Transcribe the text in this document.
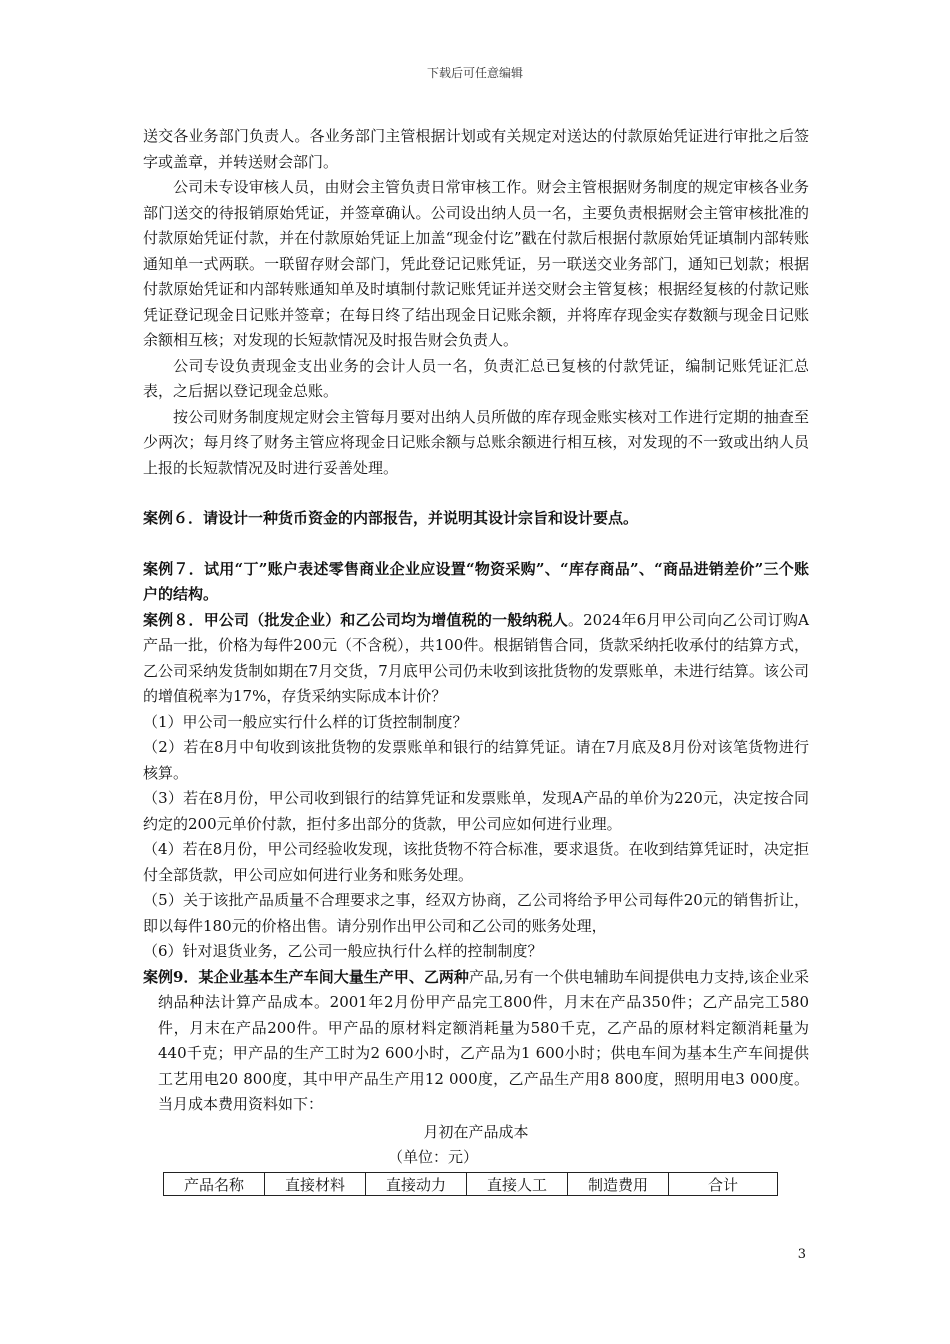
下载后可任意编辑

送交各业务部门负责人。各业务部门主管根据计划或有关规定对送达的付款原始凭证进行审批之后签字或盖章，并转送财会部门。

公司未专设审核人员，由财会主管负责日常审核工作。财会主管根据财务制度的规定审核各业务部门送交的待报销原始凭证，并签章确认。公司设出纳人员一名，主要负责根据财会主管审核批准的付款原始凭证付款，并在付款原始凭证上加盖“现金付讫”戳在付款后根据付款原始凭证填制内部转账通知单一式两联。一联留存财会部门，凭此登记记账凭证，另一联送交业务部门，通知已划款；根据付款原始凭证和内部转账通知单及时填制付款记账凭证并送交财会主管复核；根据经复核的付款记账凭证登记现金日记账并签章；在每日终了结出现金日记账余额，并将库存现金实存数额与现金日记账余额相互核；对发现的长短款情况及时报告财会负责人。

公司专设负责现金支出业务的会计人员一名，负责汇总已复核的付款凭证，编制记账凭证汇总表，之后据以登记现金总账。

按公司财务制度规定财会主管每月要对出纳人员所做的库存现金账实核对工作进行定期的抽查至少两次；每月终了财务主管应将现金日记账余额与总账余额进行相互核，对发现的不一致或出纳人员上报的长短款情况及时进行妥善处理。

案例６．请设计一种货币资金的内部报告，并说明其设计宗旨和设计要点。

案例７．试用“丁”账户表述零售商业企业应设置“物资采购”、“库存商品”、“商品进销差价”三个账户的结构。

案例８．甲公司（批发企业）和乙公司均为增值税的一般纳税人。2024年6月甲公司向乙公司订购A产品一批，价格为每件200元（不含税），共100件。根据销售合同，货款采纳托收承付的结算方式，乙公司采纳发货制如期在7月交货，7月底甲公司仍未收到该批货物的发票账单，未进行结算。该公司的增值税率为17%，存货采纳实际成本计价？

（1）甲公司一般应实行什么样的订货控制制度？

（2）若在8月中旬收到该批货物的发票账单和银行的结算凭证。请在7月底及8月份对该笔货物进行核算。

（3）若在8月份，甲公司收到银行的结算凭证和发票账单，发现A产品的单价为220元，决定按合同约定的200元单价付款，拒付多出部分的货款，甲公司应如何进行业理。

（4）若在8月份，甲公司经验收发现，该批货物不符合标准，要求退货。在收到结算凭证时，决定拒付全部货款，甲公司应如何进行业务和账务处理。

（5）关于该批产品质量不合理要求之事，经双方协商，乙公司将给予甲公司每件20元的销售折让，即以每件180元的价格出售。请分别作出甲公司和乙公司的账务处理，

（6）针对退货业务，乙公司一般应执行什么样的控制制度？

案例9．某企业基本生产车间大量生产甲、乙两种产品,另有一个供电辅助车间提供电力支持,该企业采纳品种法计算产品成本。2001年2月份甲产品完工800件，月末在产品350件；乙产品完工580件，月末在产品200件。甲产品的原材料定额消耗量为580千克，乙产品的原材料定额消耗量为440千克；甲产品的生产工时为2 600小时，乙产品为1 600小时；供电车间为基本生产车间提供工艺用电20 800度，其中甲产品生产用12 000度，乙产品生产用8 800度，照明用电3 000度。当月成本费用资料如下：

月初在产品成本

（单位：元）

产品名称	直接材料	直接动力	直接人工	制造费用	合计
3
